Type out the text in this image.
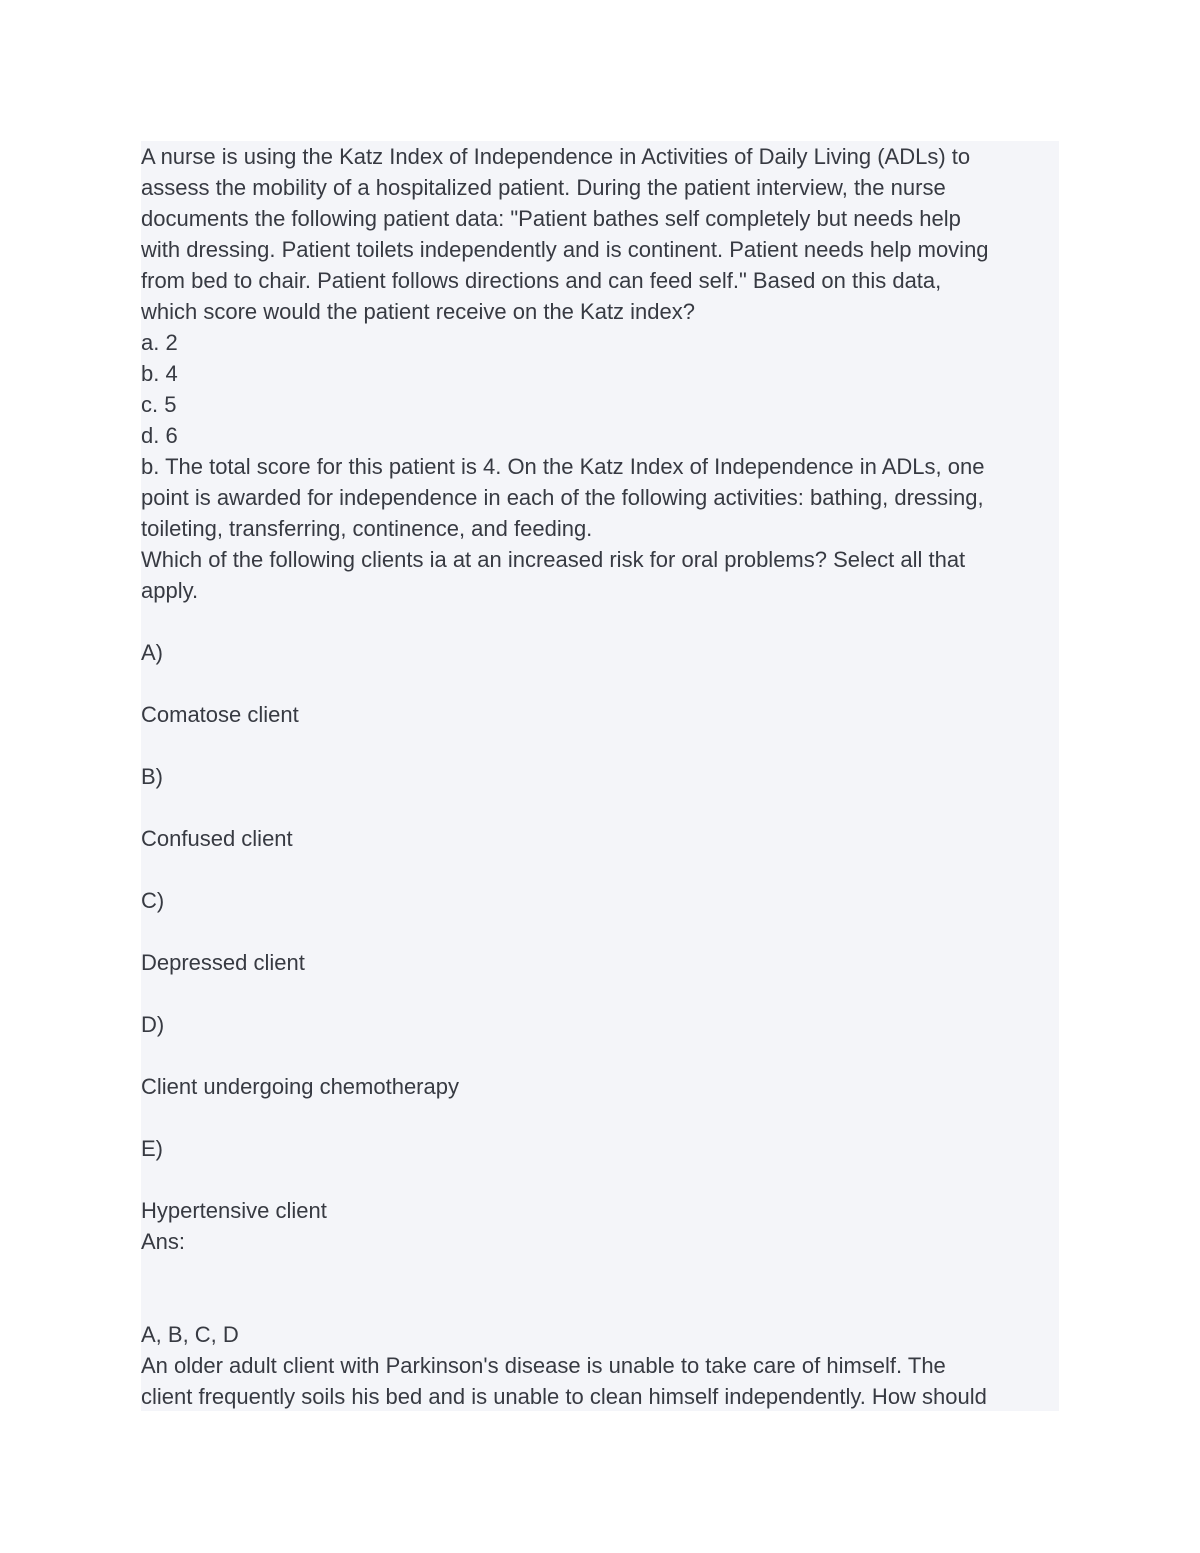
A nurse is using the Katz Index of Independence in Activities of Daily Living (ADLs) to
assess the mobility of a hospitalized patient. During the patient interview, the nurse
documents the following patient data: "Patient bathes self completely but needs help
with dressing. Patient toilets independently and is continent. Patient needs help moving
from bed to chair. Patient follows directions and can feed self." Based on this data,
which score would the patient receive on the Katz index?
a. 2
b. 4
c. 5
d. 6
b. The total score for this patient is 4. On the Katz Index of Independence in ADLs, one
point is awarded for independence in each of the following activities: bathing, dressing,
toileting, transferring, continence, and feeding.
Which of the following clients ia at an increased risk for oral problems? Select all that
apply.
A)
Comatose client
B)
Confused client
C)
Depressed client
D)
Client undergoing chemotherapy
E)
Hypertensive client
Ans:
A, B, C, D
An older adult client with Parkinson's disease is unable to take care of himself. The
client frequently soils his bed and is unable to clean himself independently. How should
